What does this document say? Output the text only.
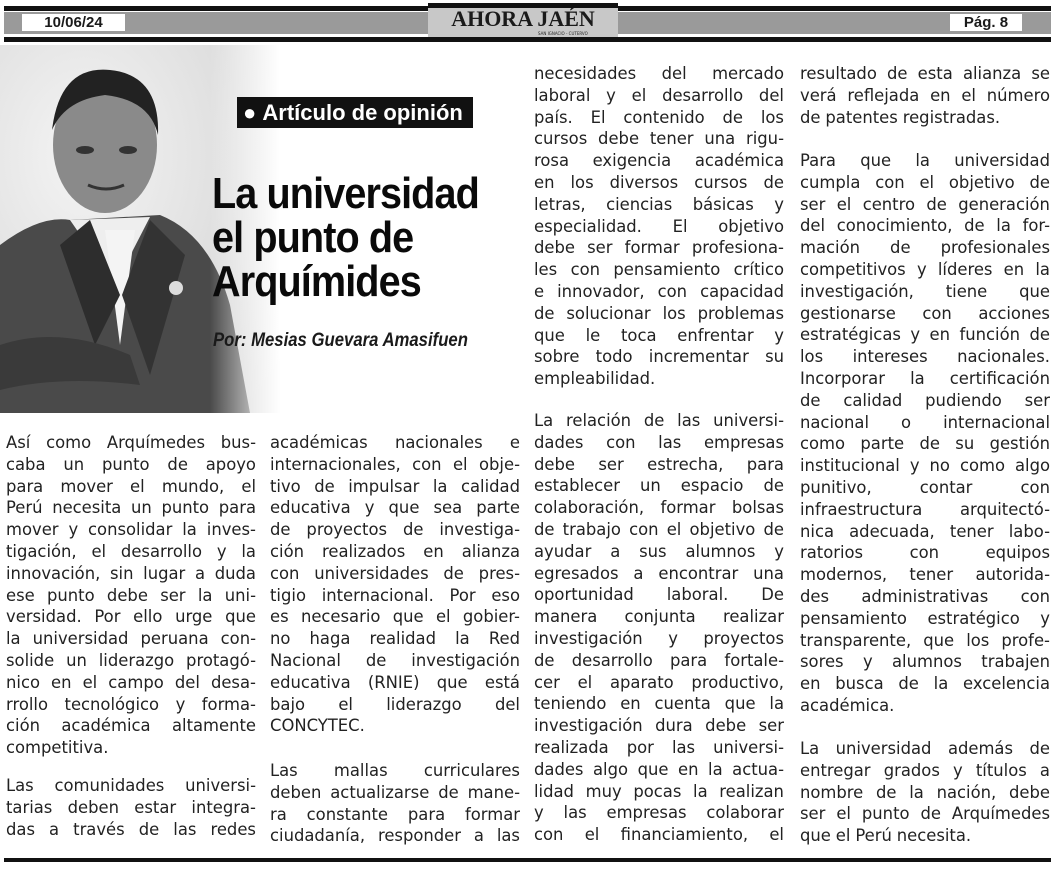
10/06/24	Pág. 8
AHORA JAÉN
SAN IGNACIO - CUTERVO
● Artículo de opinión
La universidad
el punto de
Arquímides
Por: Mesias Guevara Amasifuen
Así como Arquímedes bus-
caba un punto de apoyo
para mover el mundo, el
Perú necesita un punto para
mover y consolidar la inves-
tigación, el desarrollo y la
innovación, sin lugar a duda
ese punto debe ser la uni-
versidad. Por ello urge que
la universidad peruana con-
solide un liderazgo protagó-
nico en el campo del desa-
rrollo tecnológico y forma-
ción académica altamente
competitiva.
Las comunidades universi-
tarias deben estar integra-
das a través de las redes
académicas nacionales e
internacionales, con el obje-
tivo de impulsar la calidad
educativa y que sea parte
de proyectos de investiga-
ción realizados en alianza
con universidades de pres-
tigio internacional. Por eso
es necesario que el gobier-
no haga realidad la Red
Nacional de investigación
educativa (RNIE) que está
bajo el liderazgo del
CONCYTEC.
Las mallas curriculares
deben actualizarse de mane-
ra constante para formar
ciudadanía, responder a las
necesidades del mercado
laboral y el desarrollo del
país. El contenido de los
cursos debe tener una rigu-
rosa exigencia académica
en los diversos cursos de
letras, ciencias básicas y
especialidad. El objetivo
debe ser formar profesiona-
les con pensamiento crítico
e innovador, con capacidad
de solucionar los problemas
que le toca enfrentar y
sobre todo incrementar su
empleabilidad.
La relación de las universi-
dades con las empresas
debe ser estrecha, para
establecer un espacio de
colaboración, formar bolsas
de trabajo con el objetivo de
ayudar a sus alumnos y
egresados a encontrar una
oportunidad laboral. De
manera conjunta realizar
investigación y proyectos
de desarrollo para fortale-
cer el aparato productivo,
teniendo en cuenta que la
investigación dura debe ser
realizada por las universi-
dades algo que en la actua-
lidad muy pocas la realizan
y las empresas colaborar
con el financiamiento, el
resultado de esta alianza se
verá reflejada en el número
de patentes registradas.
Para que la universidad
cumpla con el objetivo de
ser el centro de generación
del conocimiento, de la for-
mación de profesionales
competitivos y líderes en la
investigación, tiene que
gestionarse con acciones
estratégicas y en función de
los intereses nacionales.
Incorporar la certificación
de calidad pudiendo ser
nacional o internacional
como parte de su gestión
institucional y no como algo
punitivo,	contar	con
infraestructura arquitectó-
nica adecuada, tener labo-
ratorios	con	equipos
modernos, tener autorida-
des administrativas con
pensamiento estratégico y
transparente, que los profe-
sores y alumnos trabajen
en busca de la excelencia
académica.
La universidad además de
entregar grados y títulos a
nombre de la nación, debe
ser el punto de Arquímedes
que el Perú necesita.
